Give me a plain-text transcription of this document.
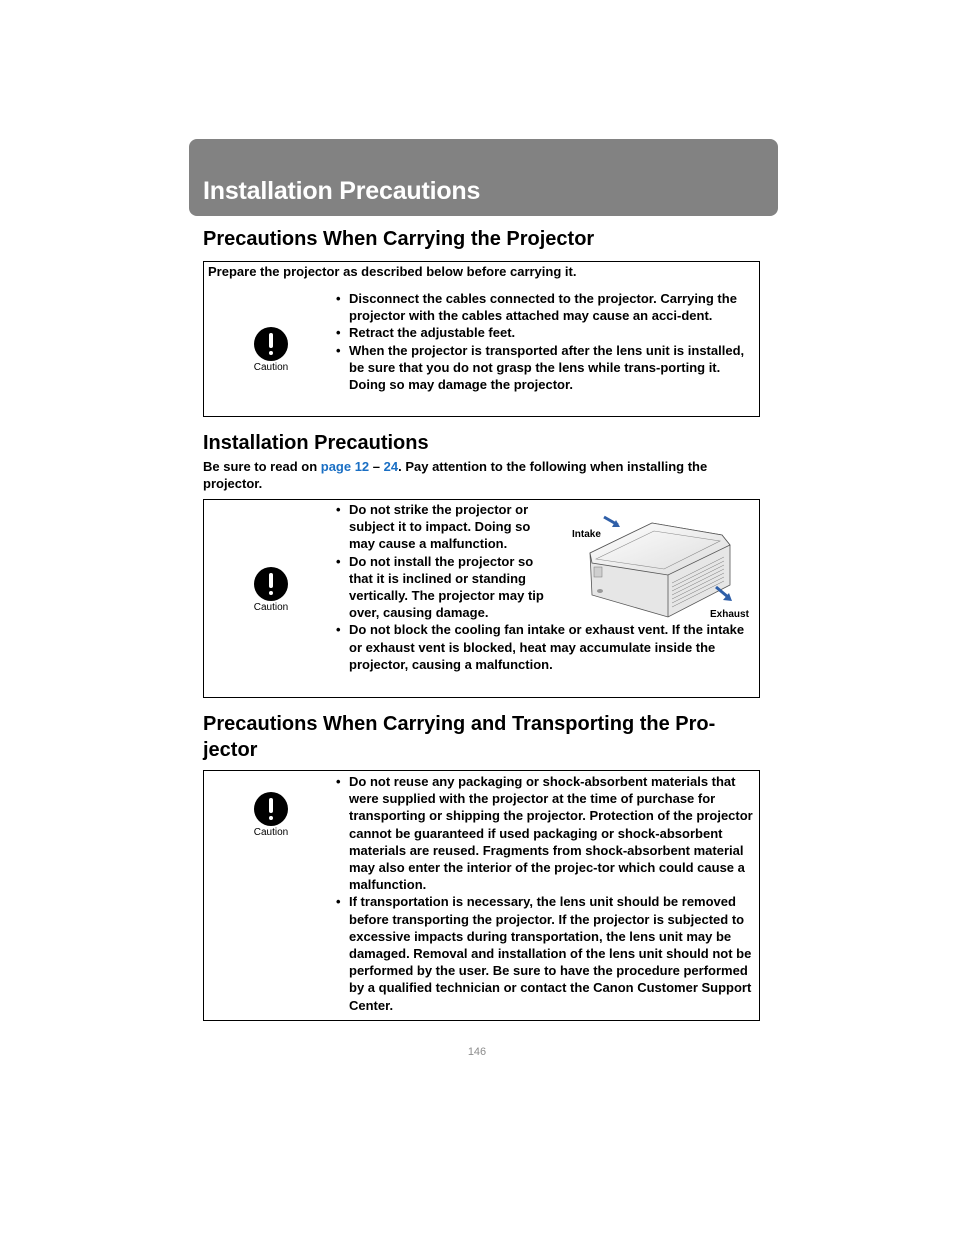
Installation Precautions
Precautions When Carrying the Projector
Prepare the projector as described below before carrying it.
Caution
• Disconnect the cables connected to the projector. Carrying the projector with the cables attached may cause an acci-dent.
• Retract the adjustable feet.
• When the projector is transported after the lens unit is installed, be sure that you do not grasp the lens while trans-porting it. Doing so may damage the projector.
Installation Precautions
Be sure to read on page 12 – 24. Pay attention to the following when installing the projector.
Caution
• Do not strike the projector or subject it to impact. Doing so may cause a malfunction.
• Do not install the projector so that it is inclined or standing vertically. The projector may tip over, causing damage.
• Do not block the cooling fan intake or exhaust vent. If the intake or exhaust vent is blocked, heat may accumulate inside the projector, causing a malfunction.
Intake
Exhaust
Precautions When Carrying and Transporting the Pro-jector
Caution
• Do not reuse any packaging or shock-absorbent materials that were supplied with the projector at the time of purchase for transporting or shipping the projector. Protection of the projector cannot be guaranteed if used packaging or shock-absorbent materials are reused. Fragments from shock-absorbent material may also enter the interior of the projec-tor which could cause a malfunction.
• If transportation is necessary, the lens unit should be removed before transporting the projector. If the projector is subjected to excessive impacts during transportation, the lens unit may be damaged. Removal and installation of the lens unit should not be performed by the user. Be sure to have the procedure performed by a qualified technician or contact the Canon Customer Support Center.
146
